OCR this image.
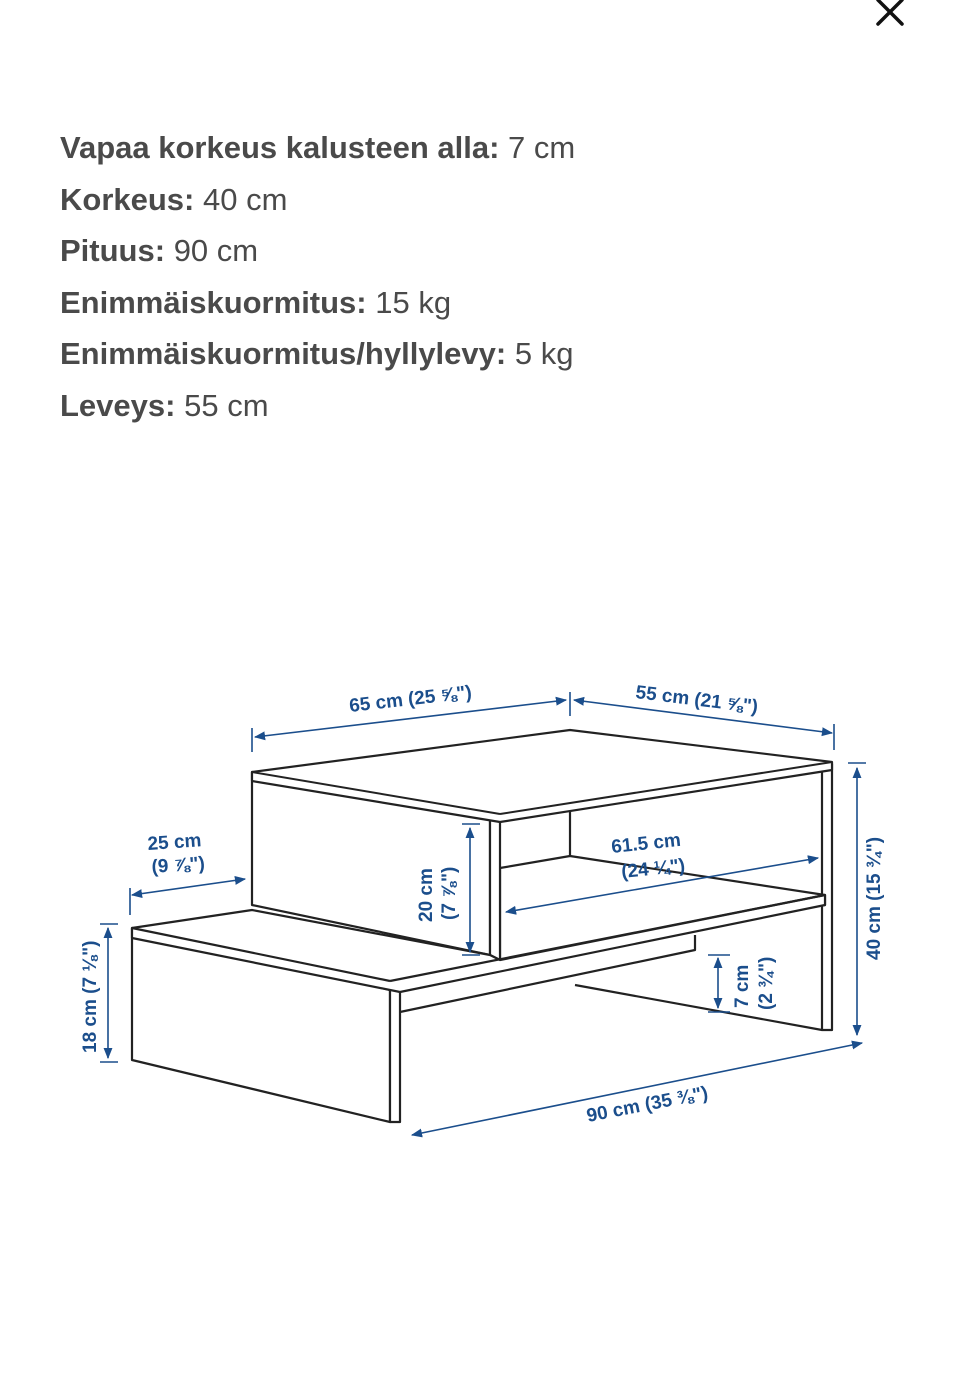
Vapaa korkeus kalusteen alla: 7 cm
Korkeus: 40 cm
Pituus: 90 cm
Enimmäiskuormitus: 15 kg
Enimmäiskuormitus/hyllylevy: 5 kg
Leveys: 55 cm
65 cm (25 ⅝")	55 cm (21 ⅝")
25 cm
(9 ⅞")
20 cm (7 ⅞")
61.5 cm
(24 ¼")	40 cm (15 ¾")
18 cm (7 ⅛")	7 cm (2 ¾")
90 cm (35 ⅜")
